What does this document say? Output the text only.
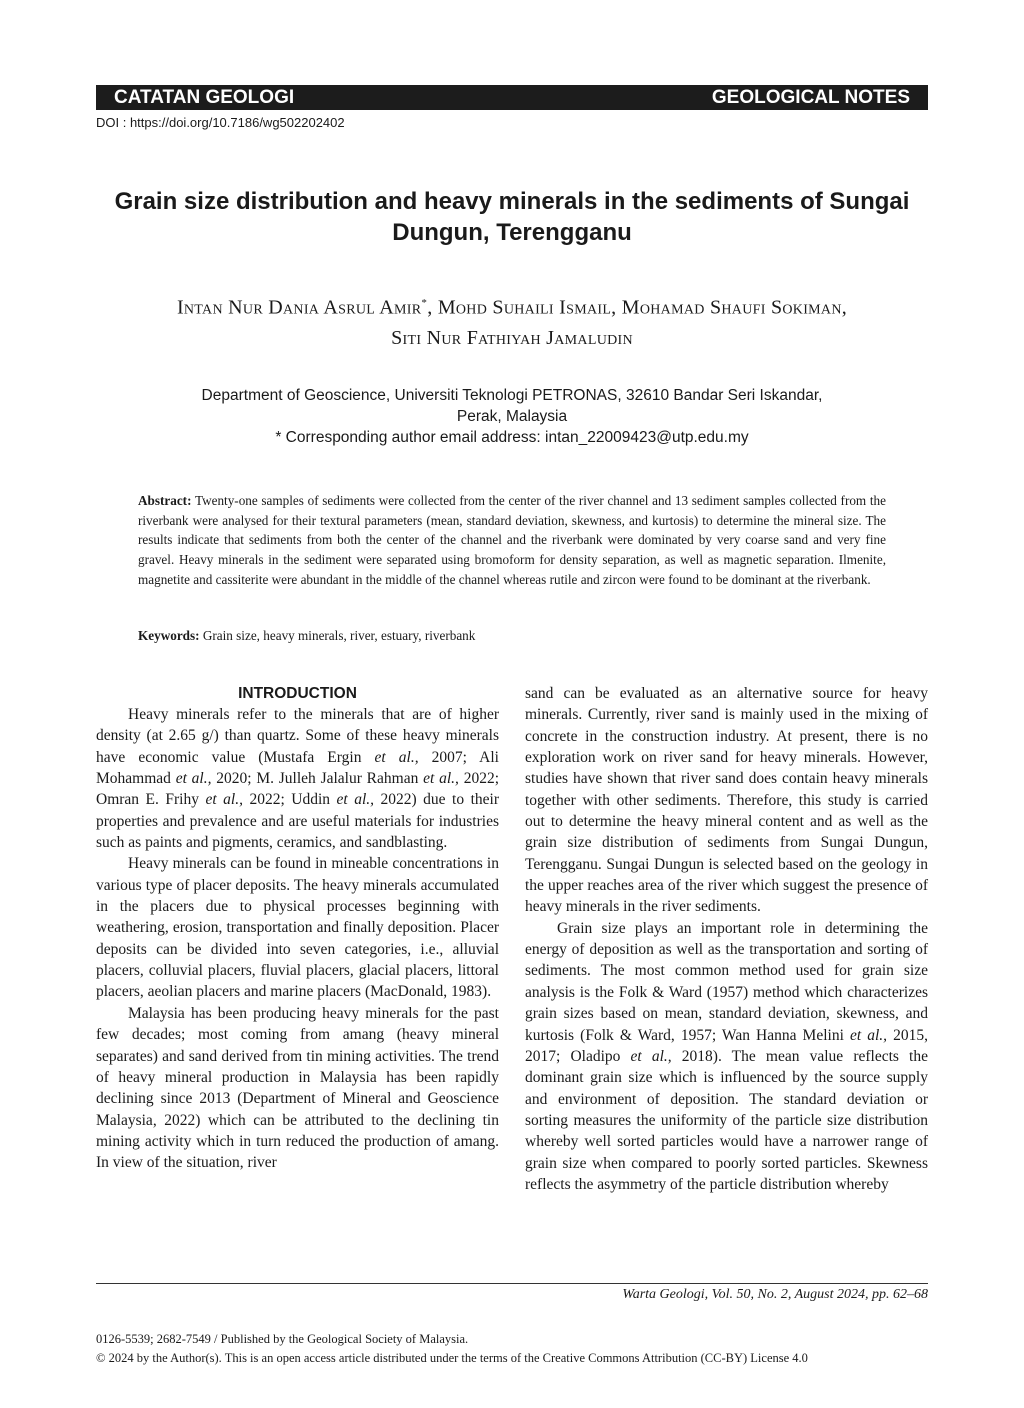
CATATAN GEOLOGI	GEOLOGICAL NOTES
DOI : https://doi.org/10.7186/wg502202402
Grain size distribution and heavy minerals in the sediments of Sungai Dungun, Terengganu
Intan Nur Dania Asrul Amir*, Mohd Suhaili Ismail, Mohamad Shaufi Sokiman,
Siti Nur Fathiyah Jamaludin
Department of Geoscience, Universiti Teknologi PETRONAS, 32610 Bandar Seri Iskandar,
Perak, Malaysia
* Corresponding author email address: intan_22009423@utp.edu.my
Abstract: Twenty-one samples of sediments were collected from the center of the river channel and 13 sediment samples collected from the riverbank were analysed for their textural parameters (mean, standard deviation, skewness, and kurtosis) to determine the mineral size. The results indicate that sediments from both the center of the channel and the riverbank were dominated by very coarse sand and very fine gravel. Heavy minerals in the sediment were separated using bromoform for density separation, as well as magnetic separation. Ilmenite, magnetite and cassiterite were abundant in the middle of the channel whereas rutile and zircon were found to be dominant at the riverbank.
Keywords: Grain size, heavy minerals, river, estuary, riverbank
INTRODUCTION

Heavy minerals refer to the minerals that are of higher density (at 2.65 g/) than quartz. Some of these heavy minerals have economic value (Mustafa Ergin et al., 2007; Ali Mohammad et al., 2020; M. Julleh Jalalur Rahman et al., 2022; Omran E. Frihy et al., 2022; Uddin et al., 2022) due to their properties and prevalence and are useful materials for industries such as paints and pigments, ceramics, and sandblasting.

Heavy minerals can be found in mineable concentrations in various type of placer deposits. The heavy minerals accumulated in the placers due to physical processes beginning with weathering, erosion, transportation and finally deposition. Placer deposits can be divided into seven categories, i.e., alluvial placers, colluvial placers, fluvial placers, glacial placers, littoral placers, aeolian placers and marine placers (MacDonald, 1983).

Malaysia has been producing heavy minerals for the past few decades; most coming from amang (heavy mineral separates) and sand derived from tin mining activities. The trend of heavy mineral production in Malaysia has been rapidly declining since 2013 (Department of Mineral and Geoscience Malaysia, 2022) which can be attributed to the declining tin mining activity which in turn reduced the production of amang. In view of the situation, river

sand can be evaluated as an alternative source for heavy minerals. Currently, river sand is mainly used in the mixing of concrete in the construction industry. At present, there is no exploration work on river sand for heavy minerals. However, studies have shown that river sand does contain heavy minerals together with other sediments. Therefore, this study is carried out to determine the heavy mineral content and as well as the grain size distribution of sediments from Sungai Dungun, Terengganu. Sungai Dungun is selected based on the geology in the upper reaches area of the river which suggest the presence of heavy minerals in the river sediments.

Grain size plays an important role in determining the energy of deposition as well as the transportation and sorting of sediments. The most common method used for grain size analysis is the Folk & Ward (1957) method which characterizes grain sizes based on mean, standard deviation, skewness, and kurtosis (Folk & Ward, 1957; Wan Hanna Melini et al., 2015, 2017; Oladipo et al., 2018). The mean value reflects the dominant grain size which is influenced by the source supply and environment of deposition. The standard deviation or sorting measures the uniformity of the particle size distribution whereby well sorted particles would have a narrower range of grain size when compared to poorly sorted particles. Skewness reflects the asymmetry of the particle distribution whereby

Warta Geologi, Vol. 50, No. 2, August 2024, pp. 62–68
0126-5539; 2682-7549 / Published by the Geological Society of Malaysia.
© 2024 by the Author(s). This is an open access article distributed under the terms of the Creative Commons Attribution (CC-BY) License 4.0
